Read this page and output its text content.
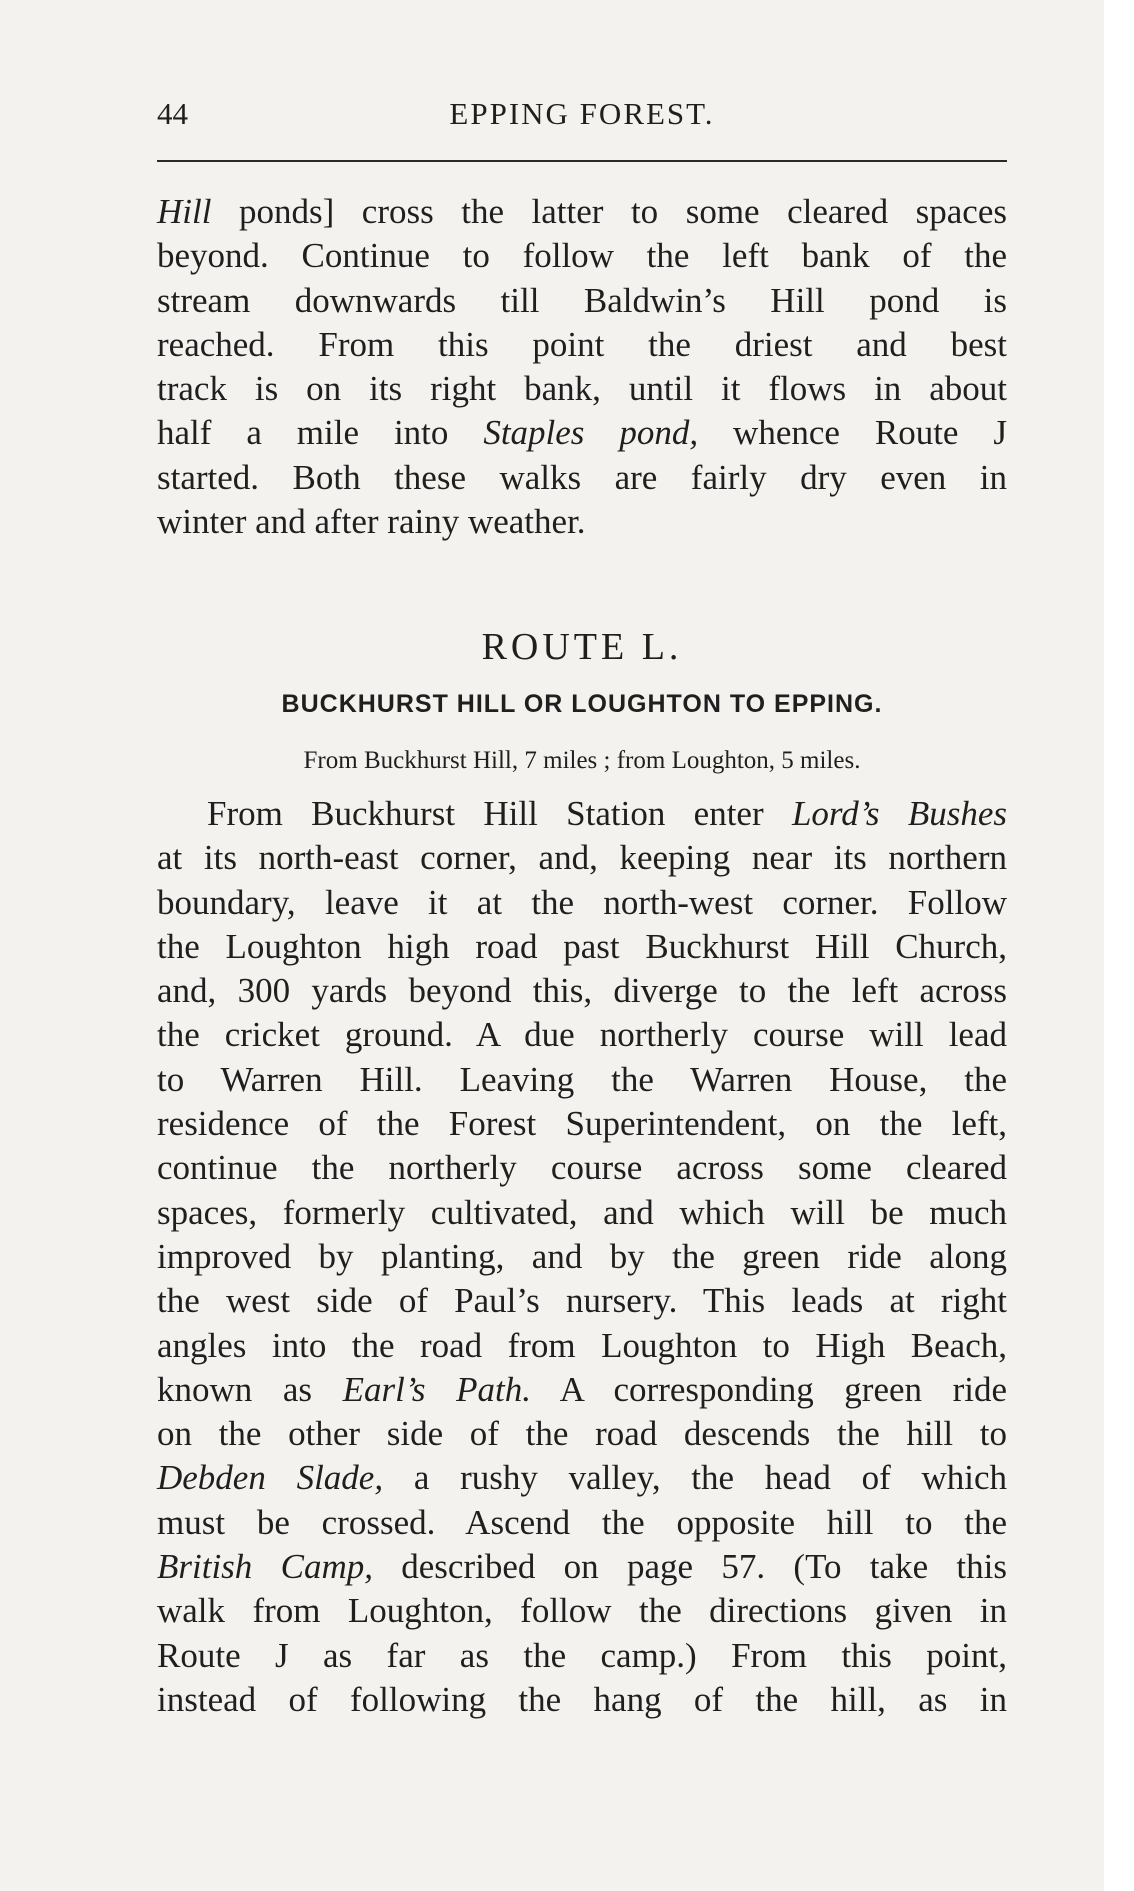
44	EPPING FOREST.
Hill ponds] cross the latter to some cleared spaces
beyond. Continue to follow the left bank of the
stream downwards till Baldwin’s Hill pond is
reached. From this point the driest and best
track is on its right bank, until it flows in about
half a mile into Staples pond, whence Route J
started. Both these walks are fairly dry even in
winter and after rainy weather.
ROUTE L.
BUCKHURST HILL OR LOUGHTON TO EPPING.
From Buckhurst Hill, 7 miles ; from Loughton, 5 miles.
From Buckhurst Hill Station enter Lord’s Bushes
at its north-east corner, and, keeping near its northern
boundary, leave it at the north-west corner. Follow
the Loughton high road past Buckhurst Hill Church,
and, 300 yards beyond this, diverge to the left across
the cricket ground. A due northerly course will lead
to Warren Hill. Leaving the Warren House, the
residence of the Forest Superintendent, on the left,
continue the northerly course across some cleared
spaces, formerly cultivated, and which will be much
improved by planting, and by the green ride along
the west side of Paul’s nursery. This leads at right
angles into the road from Loughton to High Beach,
known as Earl’s Path. A corresponding green ride
on the other side of the road descends the hill to
Debden Slade, a rushy valley, the head of which
must be crossed. Ascend the opposite hill to the
British Camp, described on page 57. (To take this
walk from Loughton, follow the directions given in
Route J as far as the camp.) From this point,
instead of following the hang of the hill, as in
